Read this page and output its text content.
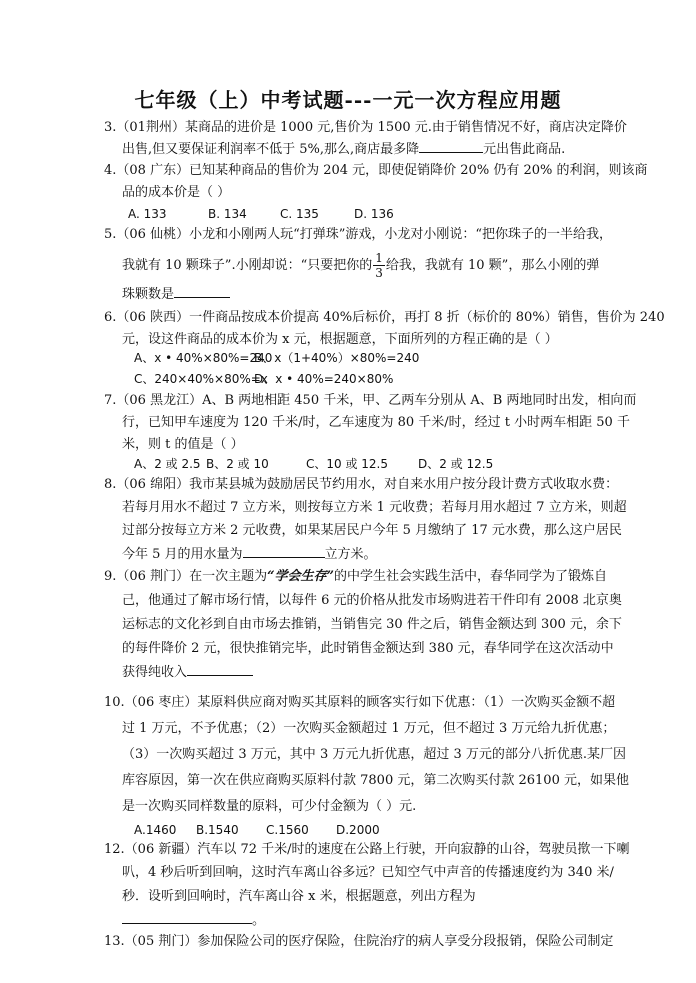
七年级（上）中考试题---一元一次方程应用题
3.（01荆州）某商品的进价是 1000 元,售价为 1500 元.由于销售情况不好，商店决定降价
出售,但又要保证利润率不低于 5%,那么,商店最多降	元出售此商品.
4.（08 广东）已知某种商品的售价为 204 元，即使促销降价 20% 仍有 20% 的利润，则该商
品的成本价是（ ）
A. 133	B. 134	C. 135	D. 136
5.（06 仙桃）小龙和小刚两人玩“打弹珠”游戏，小龙对小刚说：“把你珠子的一半给我，
我就有 10 颗珠子”.小刚却说：“只要把你的 $\frac{1}{3}$ 给我，我就有 10 颗”，那么小刚的弹
珠颗数是
6.（06 陕西）一件商品按成本价提高 40%后标价，再打 8 折（标价的 80%）销售，售价为 240
元，设这件商品的成本价为 x 元，根据题意，下面所列的方程正确的是（ ）
A、x • 40%×80%=240
B、x（1+40%）×80%=240
C、240×40%×80%=x
D、x • 40%=240×80%
7.（06 黑龙江）A、B 两地相距 450 千米，甲、乙两车分别从 A、B 两地同时出发，相向而
行，已知甲车速度为 120 千米/时，乙车速度为 80 千米/时，经过 t 小时两车相距 50 千
米，则 t 的值是（ ）
A、2 或 2.5 B、2 或 10	C、10 或 12.5	D、2 或 12.5
8.（06 绵阳）我市某县城为鼓励居民节约用水，对自来水用户按分段计费方式收取水费：
若每月用水不超过 7 立方米，则按每立方米 1 元收费；若每月用水超过 7 立方米，则超
过部分按每立方米 2 元收费，如果某居民户今年 5 月缴纳了 17 元水费，那么这户居民
今年 5 月的用水量为	立方米。
9.（06 荆门）在一次主题为“学会生存”的中学生社会实践生活中，春华同学为了锻炼自
己，他通过了解市场行情，以每件 6 元的价格从批发市场购进若干件印有 2008 北京奥
运标志的文化衫到自由市场去推销，当销售完 30 件之后，销售金额达到 300 元，余下
的每件降价 2 元，很快推销完毕，此时销售金额达到 380 元，春华同学在这次活动中
获得纯收入
10.（06 枣庄）某原料供应商对购买其原料的顾客实行如下优惠：（1）一次购买金额不超
过 1 万元，不予优惠；（2）一次购买金额超过 1 万元，但不超过 3 万元给九折优惠；
（3）一次购买超过 3 万元，其中 3 万元九折优惠，超过 3 万元的部分八折优惠.某厂因
库容原因，第一次在供应商购买原料付款 7800 元，第二次购买付款 26100 元，如果他
是一次购买同样数量的原料，可少付金额为（ ）元.
A.1460 B.1540 C.1560 D.2000
12.（06 新疆）汽车以 72 千米/时的速度在公路上行驶，开向寂静的山谷，驾驶员揿一下喇
叭，4 秒后听到回响，这时汽车离山谷多远？已知空气中声音的传播速度约为 340 米/
秒．设听到回响时，汽车离山谷 x 米，根据题意，列出方程为
。
13.（05 荆门）参加保险公司的医疗保险，住院治疗的病人享受分段报销，保险公司制定
